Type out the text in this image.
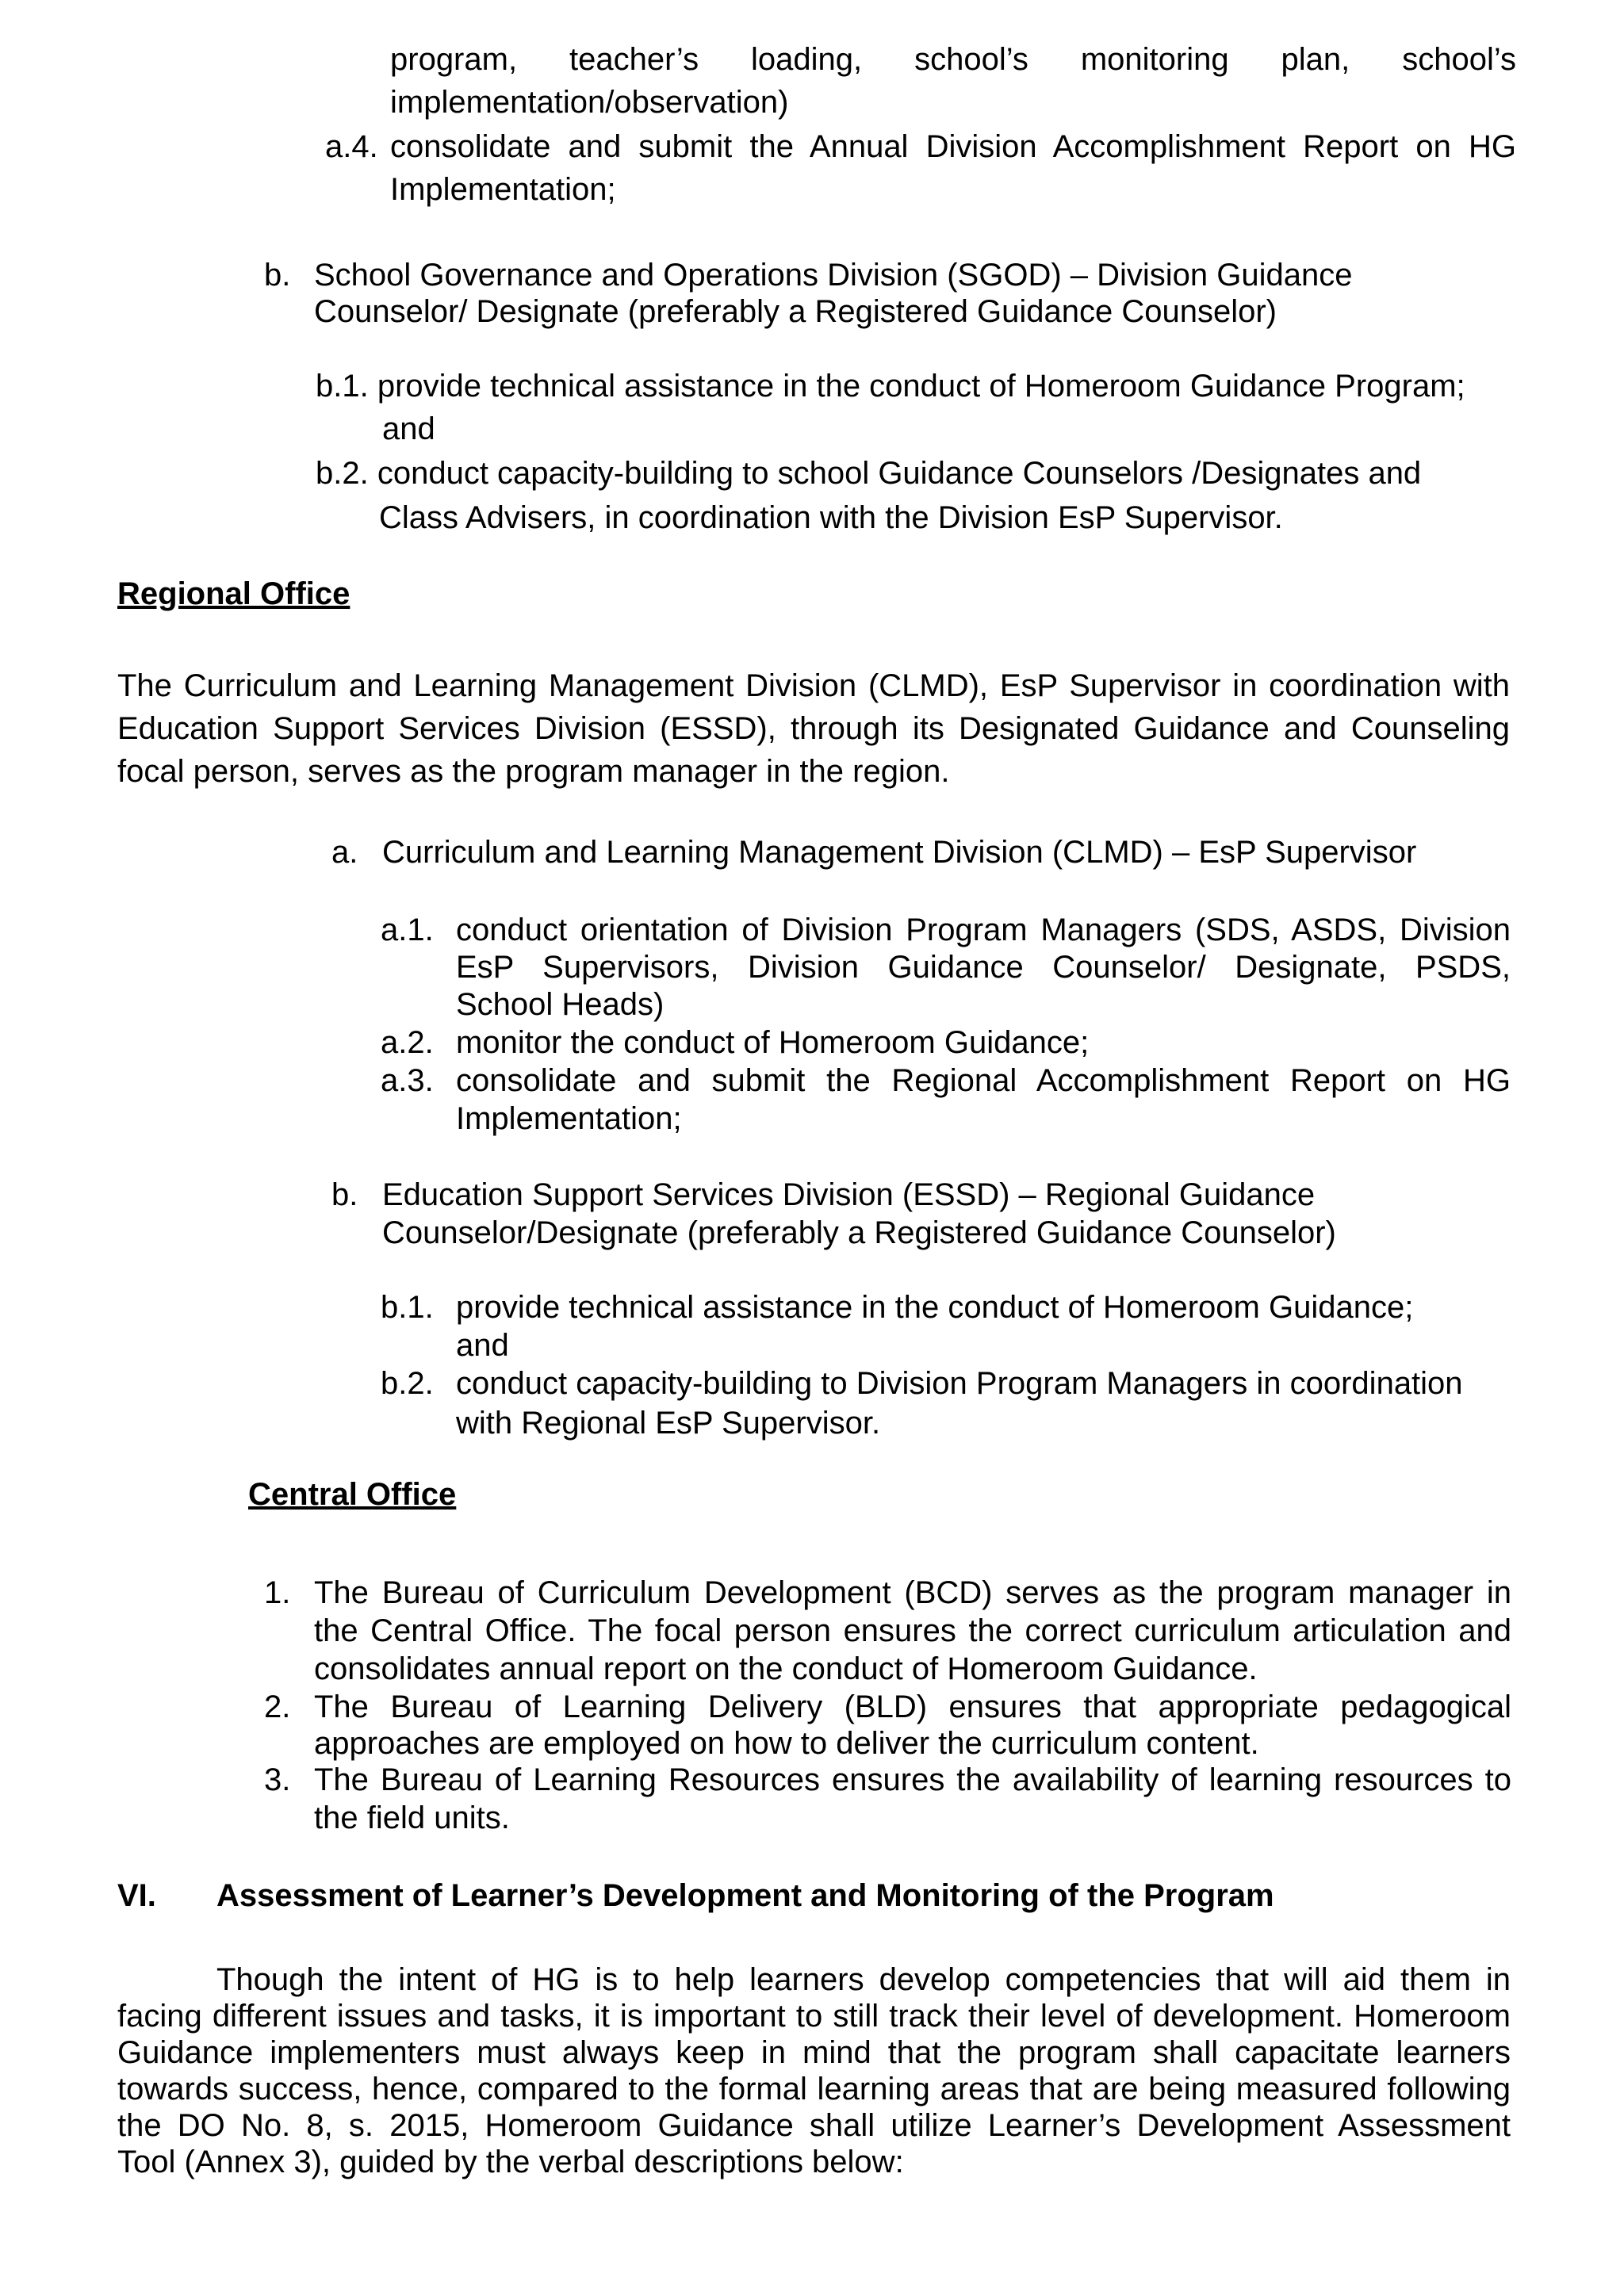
program, teacher’s loading, school’s monitoring plan, school’s

implementation/observation)

a.4. consolidate and submit the Annual Division Accomplishment Report on HG

Implementation;

b. School Governance and Operations Division (SGOD) – Division Guidance

Counselor/ Designate (preferably a Registered Guidance Counselor)

b.1. provide technical assistance in the conduct of Homeroom Guidance Program;

and

b.2. conduct capacity-building to school Guidance Counselors /Designates and

Class Advisers, in coordination with the Division EsP Supervisor.

Regional Office

The Curriculum and Learning Management Division (CLMD), EsP Supervisor in coordination with

Education Support Services Division (ESSD), through its Designated Guidance and Counseling

focal person, serves as the program manager in the region.

a. Curriculum and Learning Management Division (CLMD) – EsP Supervisor

a.1. conduct orientation of Division Program Managers (SDS, ASDS, Division

EsP Supervisors, Division Guidance Counselor/ Designate, PSDS,

School Heads)

a.2. monitor the conduct of Homeroom Guidance;

a.3. consolidate and submit the Regional Accomplishment Report on HG

Implementation;

b. Education Support Services Division (ESSD) – Regional Guidance

Counselor/Designate (preferably a Registered Guidance Counselor)

b.1. provide technical assistance in the conduct of Homeroom Guidance;

and

b.2. conduct capacity-building to Division Program Managers in coordination

with Regional EsP Supervisor.

Central Office

1. The Bureau of Curriculum Development (BCD) serves as the program manager in

the Central Office. The focal person ensures the correct curriculum articulation and

consolidates annual report on the conduct of Homeroom Guidance.

2. The Bureau of Learning Delivery (BLD) ensures that appropriate pedagogical

approaches are employed on how to deliver the curriculum content.

3. The Bureau of Learning Resources ensures the availability of learning resources to

the field units.

VI. Assessment of Learner’s Development and Monitoring of the Program

Though the intent of HG is to help learners develop competencies that will aid them in

facing different issues and tasks, it is important to still track their level of development. Homeroom

Guidance implementers must always keep in mind that the program shall capacitate learners

towards success, hence, compared to the formal learning areas that are being measured following

the DO No. 8, s. 2015, Homeroom Guidance shall utilize Learner’s Development Assessment

Tool (Annex 3), guided by the verbal descriptions below:
